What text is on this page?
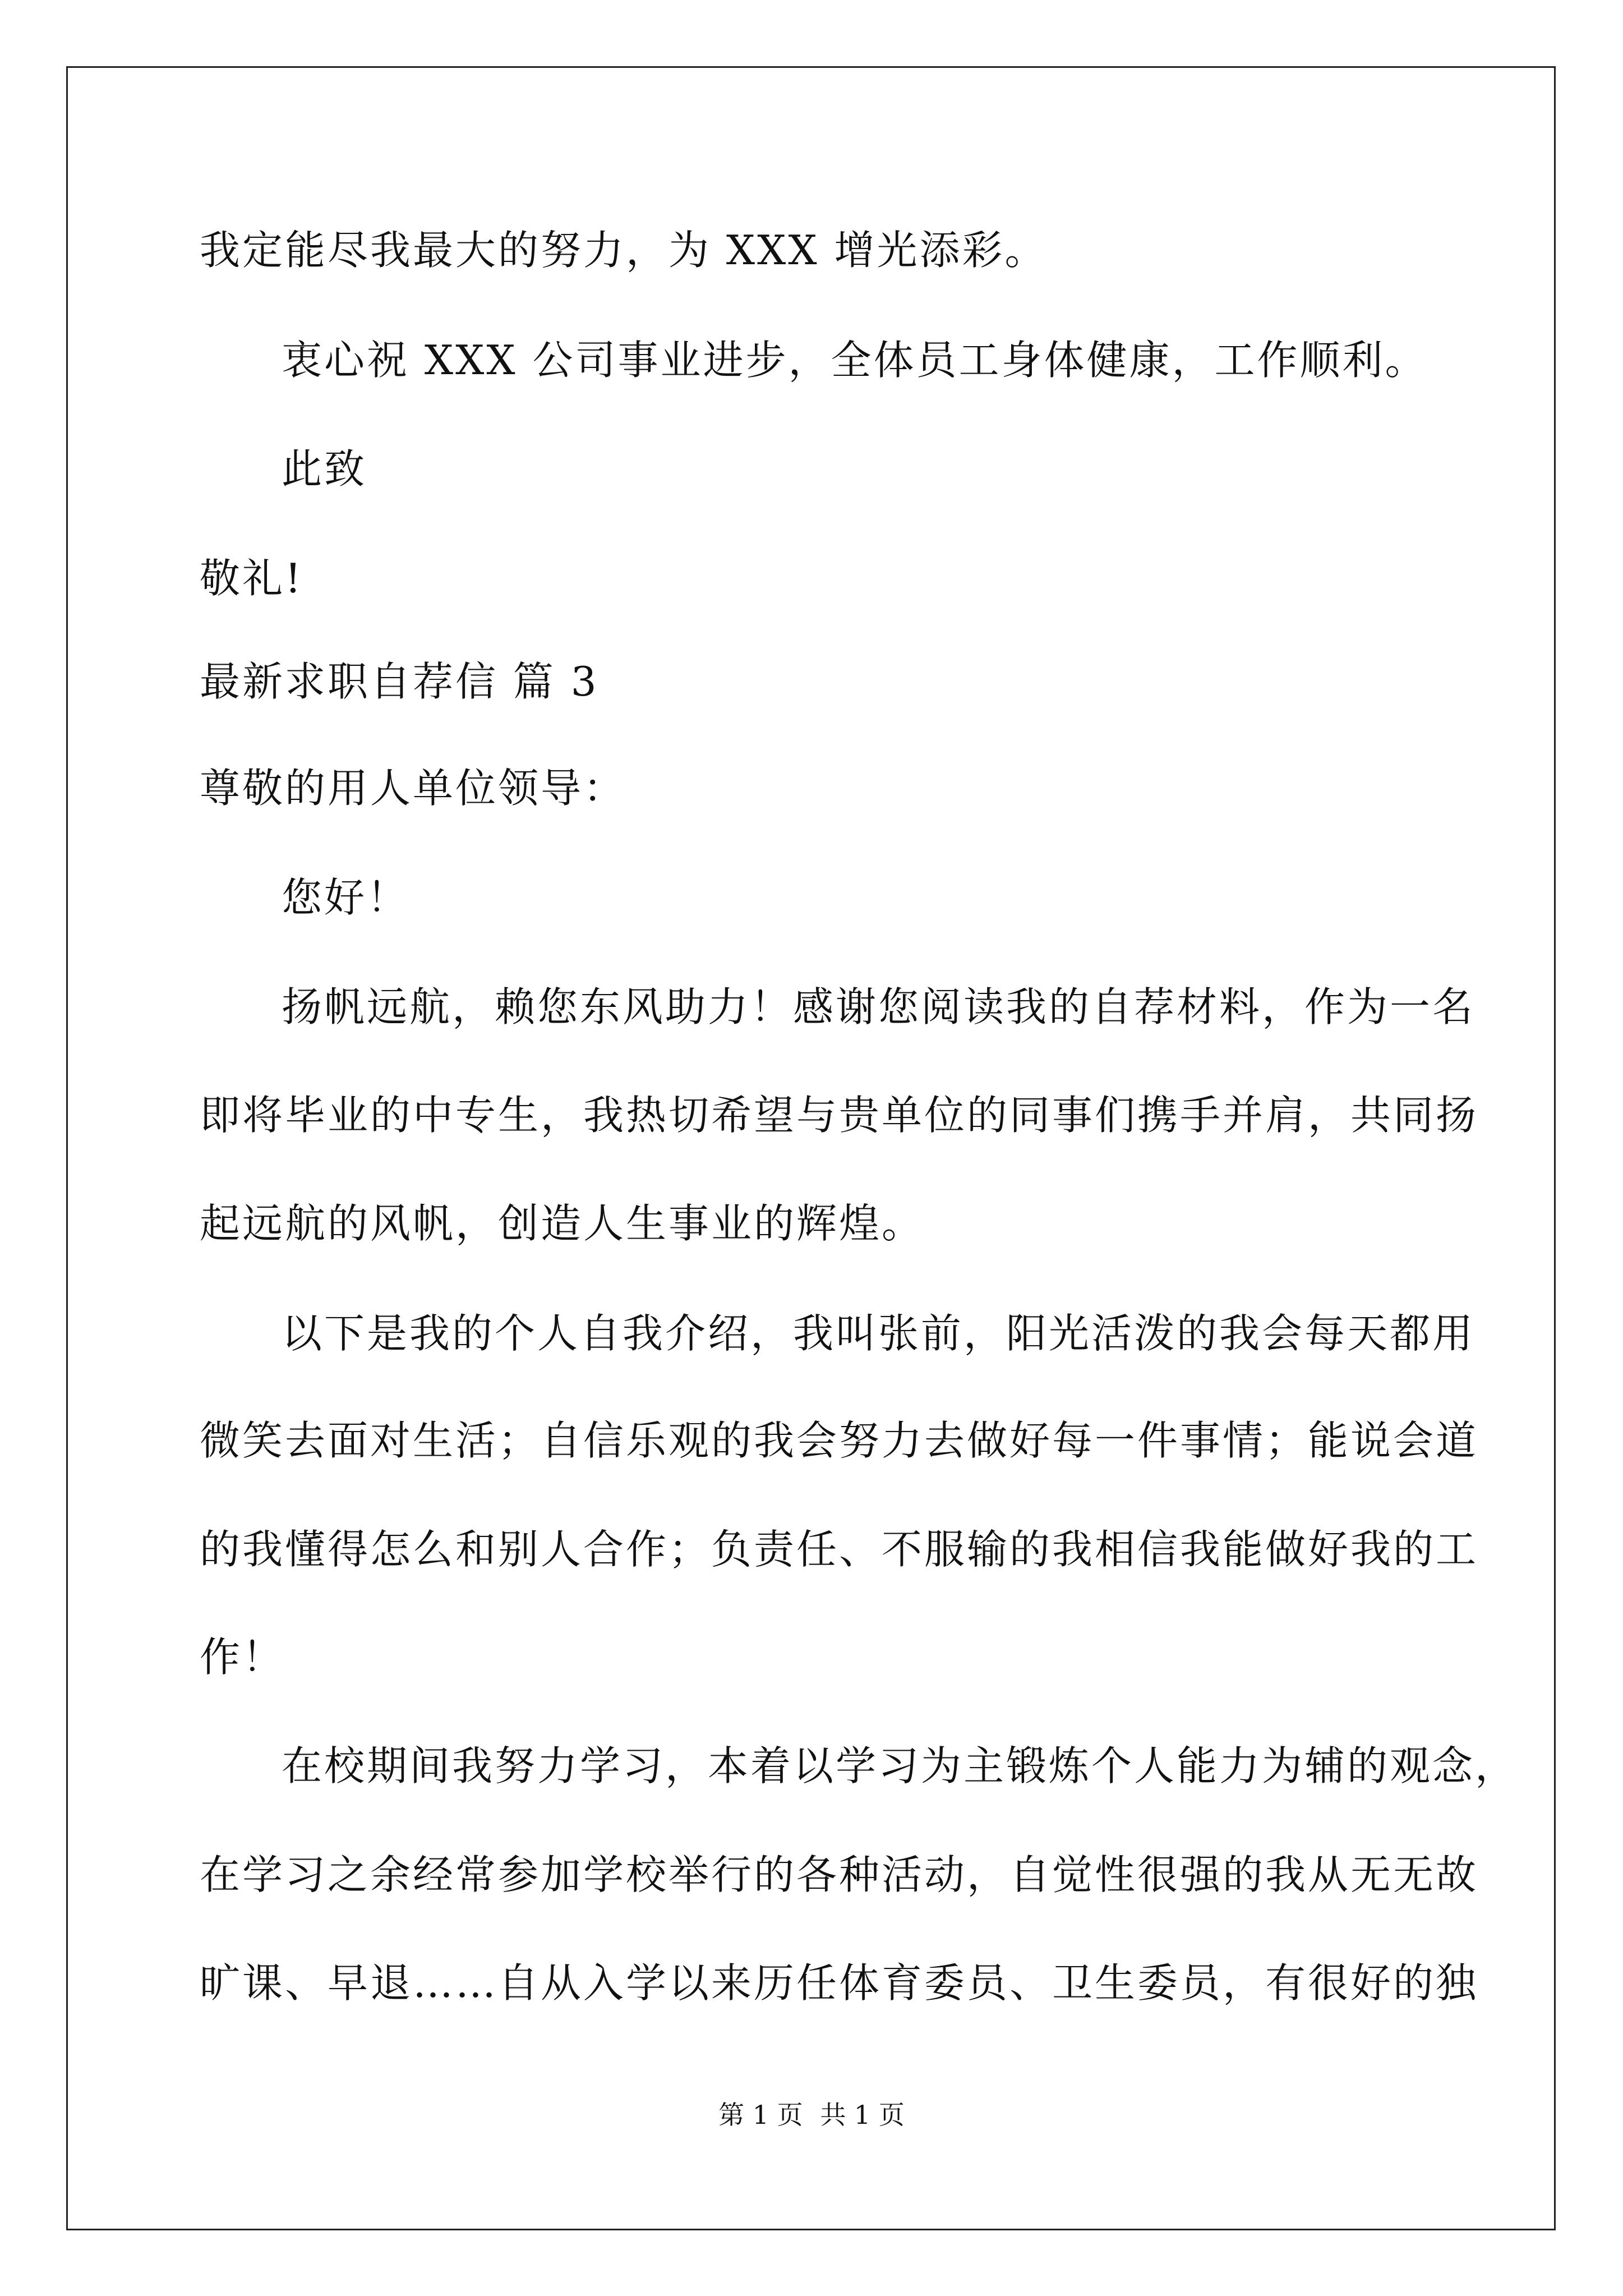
我定能尽我最大的努力，为 XXX 增光添彩。
衷心祝 XXX 公司事业进步，全体员工身体健康，工作顺利。
此致
敬礼!
最新求职自荐信 篇 3
尊敬的用人单位领导：
您好！
扬帆远航，赖您东风助力！感谢您阅读我的自荐材料，作为一名
即将毕业的中专生，我热切希望与贵单位的同事们携手并肩，共同扬
起远航的风帆，创造人生事业的辉煌。
以下是我的个人自我介绍，我叫张前，阳光活泼的我会每天都用
微笑去面对生活；自信乐观的我会努力去做好每一件事情；能说会道
的我懂得怎么和别人合作；负责任、不服输的我相信我能做好我的工
作！
在校期间我努力学习，本着以学习为主锻炼个人能力为辅的观念，
在学习之余经常参加学校举行的各种活动，自觉性很强的我从无无故
旷课、早退……自从入学以来历任体育委员、卫生委员，有很好的独
第 1 页 共 1 页
